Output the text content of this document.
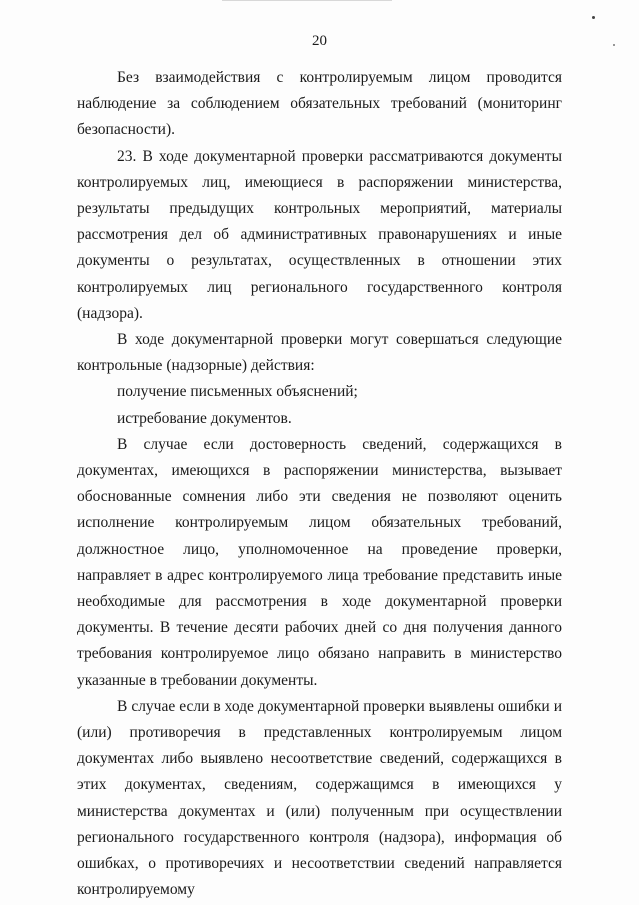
20

Без взаимодействия с контролируемым лицом проводится наблюдение за соблюдением обязательных требований (мониторинг безопасности).

23. В ходе документарной проверки рассматриваются документы контролируемых лиц, имеющиеся в распоряжении министерства, результаты предыдущих контрольных мероприятий, материалы рассмотрения дел об административных правонарушениях и иные документы о результатах, осуществленных в отношении этих контролируемых лиц регионального государственного контроля (надзора).

В ходе документарной проверки могут совершаться следующие контрольные (надзорные) действия:

получение письменных объяснений;

истребование документов.

В случае если достоверность сведений, содержащихся в документах, имеющихся в распоряжении министерства, вызывает обоснованные сомнения либо эти сведения не позволяют оценить исполнение контролируемым лицом обязательных требований, должностное лицо, уполномоченное на проведение проверки, направляет в адрес контролируемого лица требование представить иные необходимые для рассмотрения в ходе документарной проверки документы. В течение десяти рабочих дней со дня получения данного требования контролируемое лицо обязано направить в министерство указанные в требовании документы.

В случае если в ходе документарной проверки выявлены ошибки и (или) противоречия в представленных контролируемым лицом документах либо выявлено несоответствие сведений, содержащихся в этих документах, сведениям, содержащимся в имеющихся у министерства документах и (или) полученным при осуществлении регионального государственного контроля (надзора), информация об ошибках, о противоречиях и несоответствии сведений направляется контролируемому
